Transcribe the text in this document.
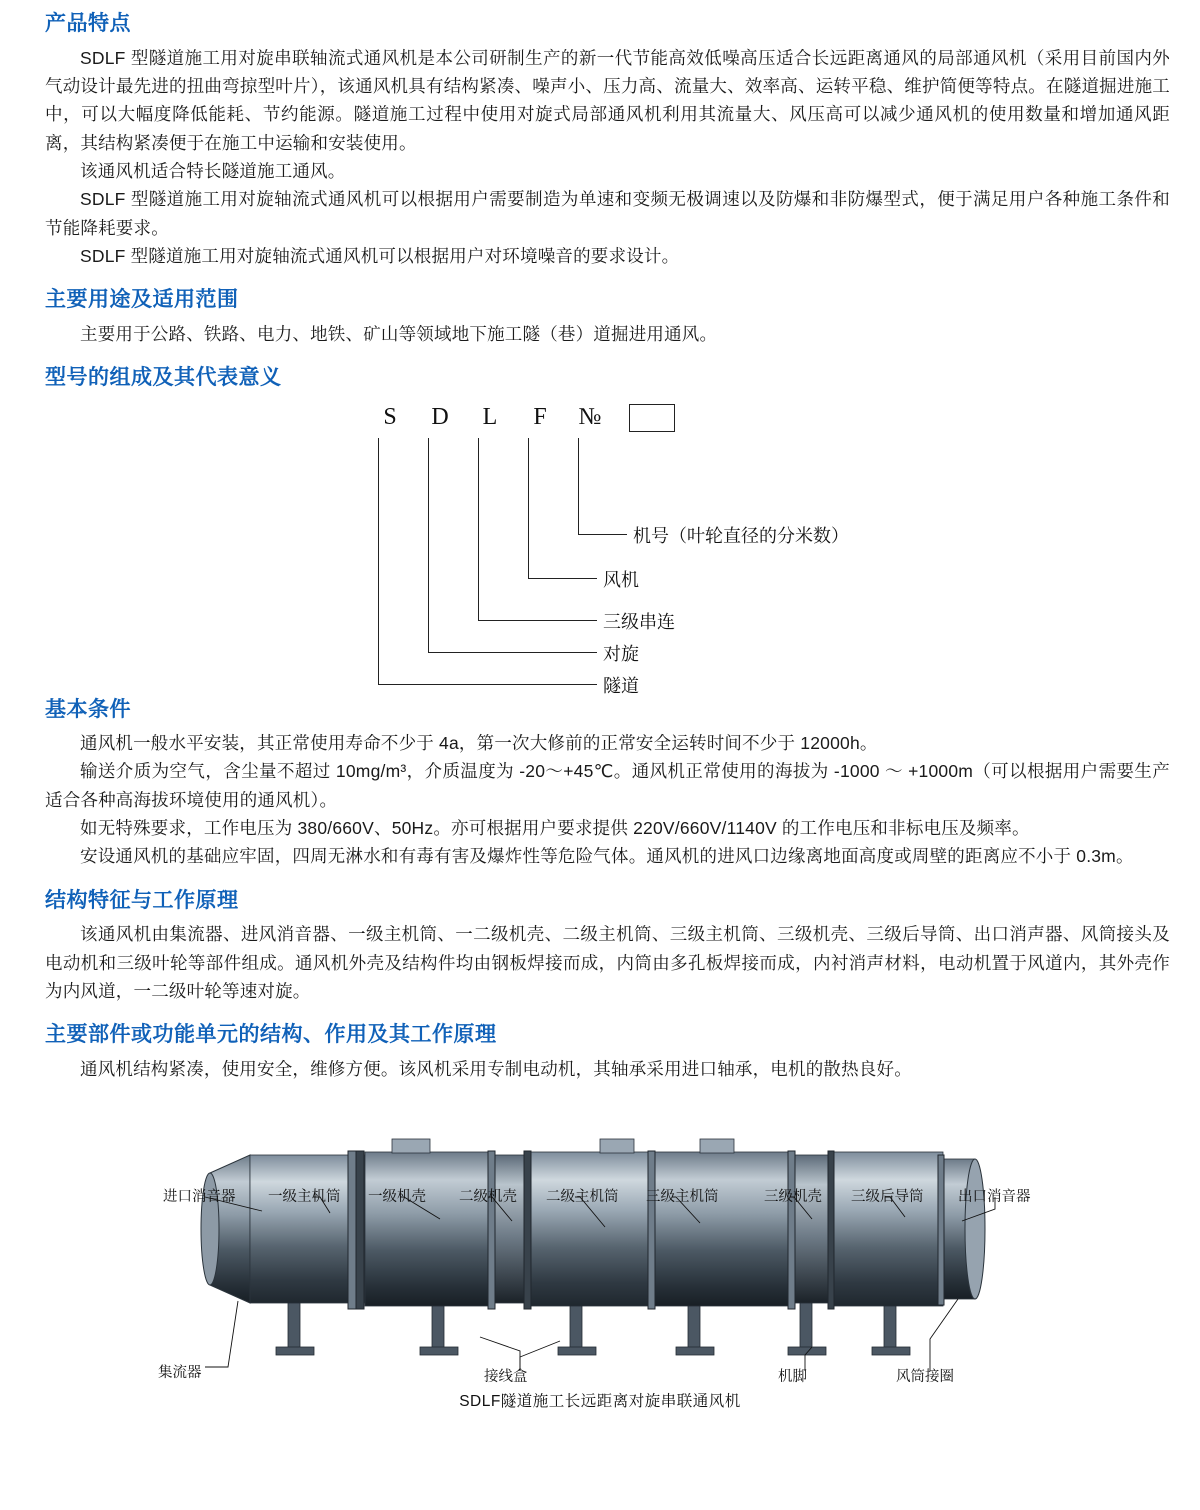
产品特点

SDLF 型隧道施工用对旋串联轴流式通风机是本公司研制生产的新一代节能高效低噪高压适合长远距离通风的局部通风机（采用目前国内外气动设计最先进的扭曲弯掠型叶片），该通风机具有结构紧凑、噪声小、压力高、流量大、效率高、运转平稳、维护简便等特点。在隧道掘进施工中，可以大幅度降低能耗、节约能源。隧道施工过程中使用对旋式局部通风机利用其流量大、风压高可以减少通风机的使用数量和增加通风距离，其结构紧凑便于在施工中运输和安装使用。

该通风机适合特长隧道施工通风。

SDLF 型隧道施工用对旋轴流式通风机可以根据用户需要制造为单速和变频无极调速以及防爆和非防爆型式，便于满足用户各种施工条件和节能降耗要求。

SDLF 型隧道施工用对旋轴流式通风机可以根据用户对环境噪音的要求设计。

主要用途及适用范围

主要用于公路、铁路、电力、地铁、矿山等领域地下施工隧（巷）道掘进用通风。

型号的组成及其代表意义
S	D	L	F	№
机号（叶轮直径的分米数）
风机
三级串连
对旋
隧道
基本条件

通风机一般水平安装，其正常使用寿命不少于 4a，第一次大修前的正常安全运转时间不少于 12000h。

输送介质为空气，含尘量不超过 10mg/m³，介质温度为 -20～+45℃。通风机正常使用的海拔为 -1000 ～ +1000m（可以根据用户需要生产适合各种高海拔环境使用的通风机）。

如无特殊要求，工作电压为 380/660V、50Hz。亦可根据用户要求提供 220V/660V/1140V 的工作电压和非标电压及频率。

安设通风机的基础应牢固，四周无淋水和有毒有害及爆炸性等危险气体。通风机的进风口边缘离地面高度或周壁的距离应不小于 0.3m。

结构特征与工作原理

该通风机由集流器、进风消音器、一级主机筒、一二级机壳、二级主机筒、三级主机筒、三级机壳、三级后导筒、出口消声器、风筒接头及电动机和三级叶轮等部件组成。通风机外壳及结构件均由钢板焊接而成，内筒由多孔板焊接而成，内衬消声材料，电动机置于风道内，其外壳作为内风道，一二级叶轮等速对旋。

主要部件或功能单元的结构、作用及其工作原理

通风机结构紧凑，使用安全，维修方便。该风机采用专制电动机，其轴承采用进口轴承，电机的散热良好。

进口消音器 一级主机筒 一级机壳 二级机壳 二级主机筒 三级主机筒	三级机壳 三级后导筒 出口消音器
集流器	接线盒	机脚	风筒接圈
SDLF隧道施工长远距离对旋串联通风机
